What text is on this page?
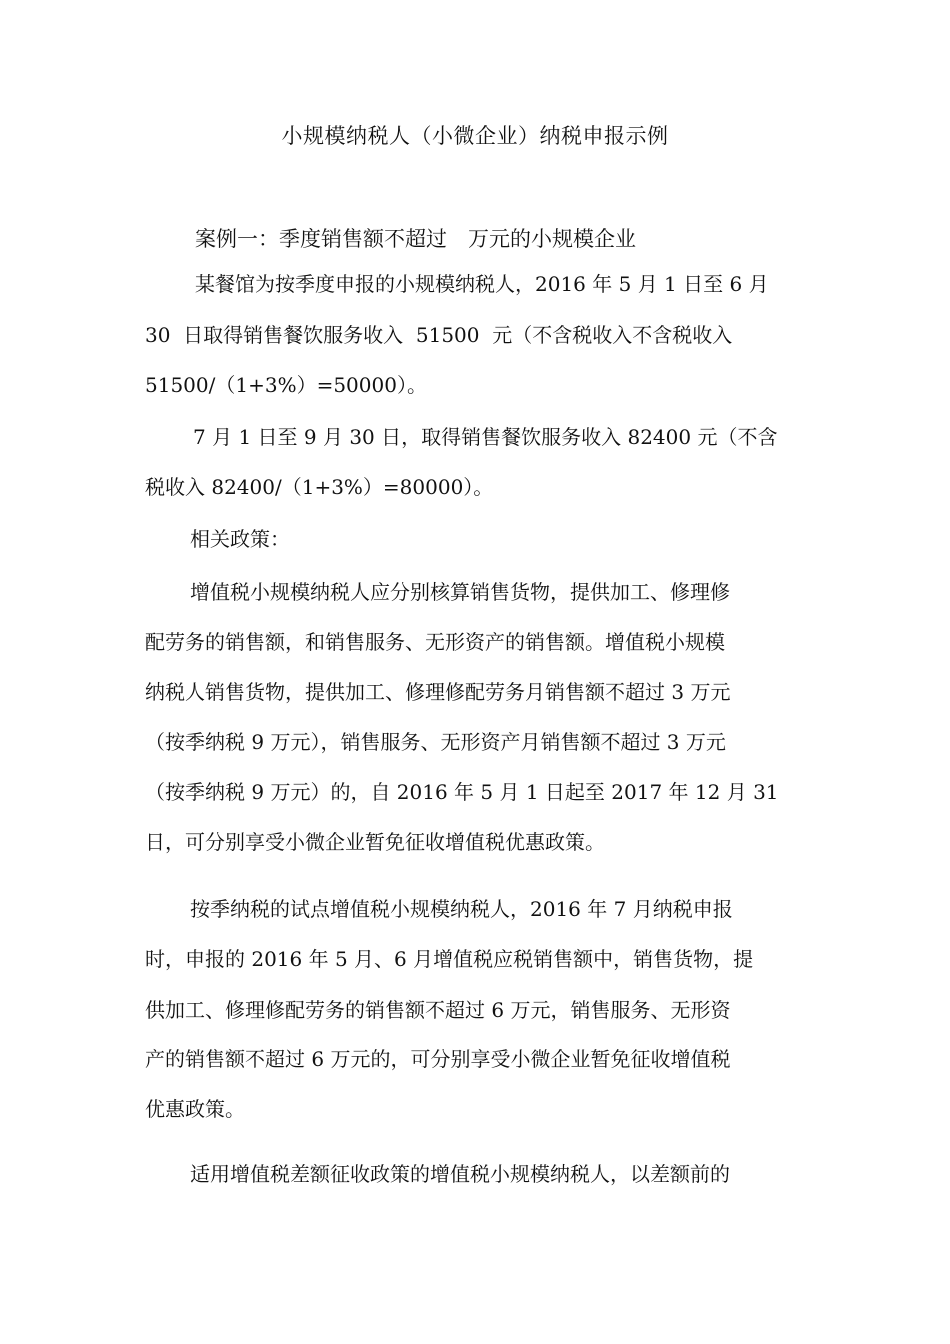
小规模纳税人（小微企业）纳税申报示例
案例一：季度销售额不超过　万元的小规模企业
某餐馆为按季度申报的小规模纳税人，2016 年 5 月 1 日至 6 月
30  日取得销售餐饮服务收入  51500  元（不含税收入不含税收入
51500/（1+3%）=50000）。
7 月 1 日至 9 月 30 日，取得销售餐饮服务收入 82400 元（不含
税收入 82400/（1+3%）=80000）。
相关政策：
增值税小规模纳税人应分别核算销售货物，提供加工、修理修
配劳务的销售额，和销售服务、无形资产的销售额。增值税小规模
纳税人销售货物，提供加工、修理修配劳务月销售额不超过 3 万元
（按季纳税 9 万元），销售服务、无形资产月销售额不超过 3 万元
（按季纳税 9 万元）的，自 2016 年 5 月 1 日起至 2017 年 12 月 31
日，可分别享受小微企业暂免征收增值税优惠政策。
按季纳税的试点增值税小规模纳税人，2016 年 7 月纳税申报
时，申报的 2016 年 5 月、6 月增值税应税销售额中，销售货物，提
供加工、修理修配劳务的销售额不超过 6 万元，销售服务、无形资
产的销售额不超过 6 万元的，可分别享受小微企业暂免征收增值税
优惠政策。
适用增值税差额征收政策的增值税小规模纳税人，以差额前的
